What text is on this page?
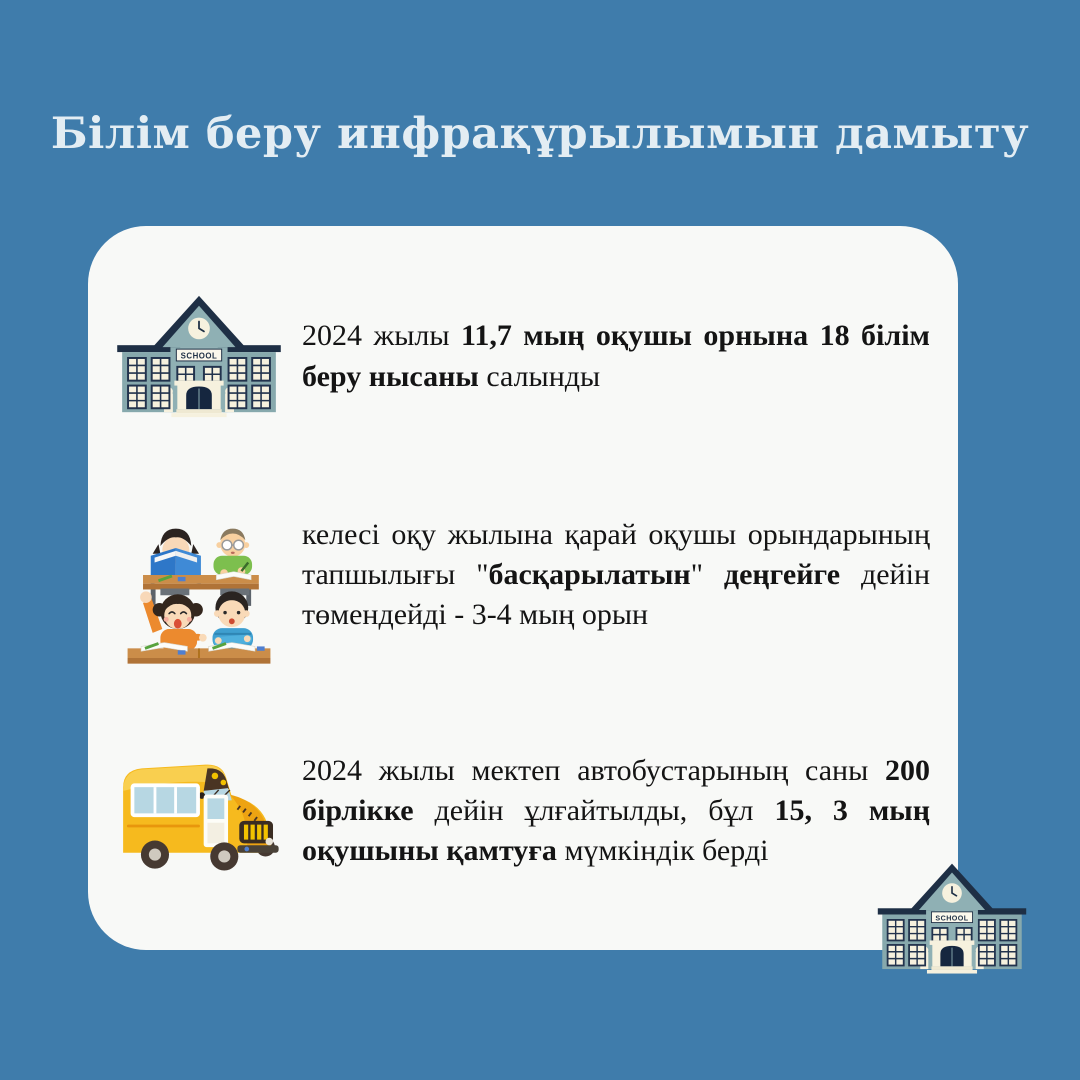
Білім беру инфрақұрылымын дамыту

2024 жылы 11,7 мың оқушы орнына 18 білім беру нысаны салынды

келесі оқу жылына қарай оқушы орындарының тапшылығы "басқарылатын" деңгейге дейін төмендейді - 3-4 мың орын

2024 жылы мектеп автобустарының саны 200 бірлікке дейін ұлғайтылды, бұл 15, 3 мың оқушыны қамтуға мүмкіндік берді
